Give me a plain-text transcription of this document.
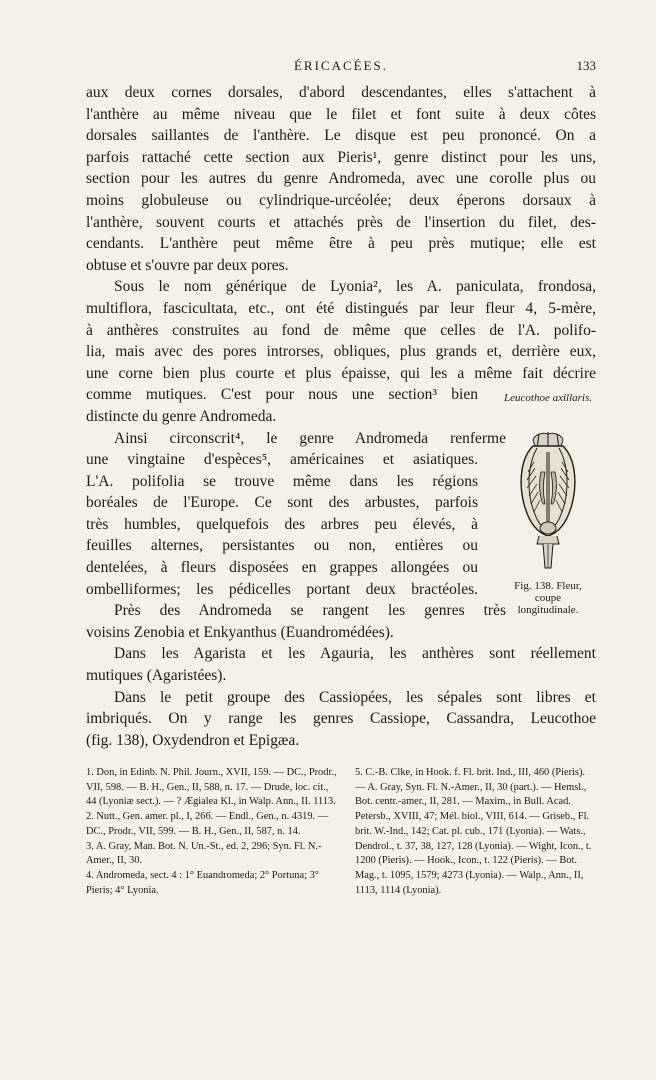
ÉRICACÉES.	133
aux deux cornes dorsales, d'abord descendantes, elles s'attachent à
l'anthère au même niveau que le filet et font suite à deux côtes
dorsales saillantes de l'anthère. Le disque est peu prononcé. On a
parfois rattaché cette section aux Pieris¹, genre distinct pour les uns,
section pour les autres du genre Andromeda, avec une corolle plus ou
moins globuleuse ou cylindrique-urcéolée; deux éperons dorsaux à
l'anthère, souvent courts et attachés près de l'insertion du filet, des-
cendants. L'anthère peut même être à peu près mutique; elle est
obtuse et s'ouvre par deux pores.
Sous le nom générique de Lyonia², les A. paniculata, frondosa,
multiflora, fascicultata, etc., ont été distingués par leur fleur 4, 5-mère,
à anthères construites au fond de même que celles de l'A. polifo-
lia, mais avec des pores introrses, obliques, plus grands et, derrière eux,
une corne bien plus courte et plus épaisse, qui les a même fait décrire
comme mutiques. C'est pour nous une section³ bien
distincte du genre Andromeda.
Ainsi circonscrit⁴, le genre Andromeda renferme
une vingtaine d'espèces⁵, américaines et asiatiques.
L'A. polifolia se trouve même dans les régions
boréales de l'Europe. Ce sont des arbustes, parfois
très humbles, quelquefois des arbres peu élevés, à
feuilles alternes, persistantes ou non, entières ou
dentelées, à fleurs disposées en grappes allongées ou
ombelliformes; les pédicelles portant deux bractéoles.
Près des Andromeda se rangent les genres très
voisins Zenobia et Enkyanthus (Euandromédées).
Dans les Agarista et les Agauria, les anthères sont réellement
mutiques (Agaristées).
Dans le petit groupe des Cassiopées, les sépales sont libres et
imbriqués. On y range les genres Cassiope, Cassandra, Leucothoe
(fig. 138), Oxydendron et Epigæa.
Leucothoe axillaris.
Fig. 138. Fleur,
coupe
longitudinale.

1. Don, in Edinb. N. Phil. Journ., XVII, 159. — DC., Prodr., VII, 598. — B. H., Gen., II, 588, n. 17. — Drude, loc. cit., 44 (Lyoniæ sect.). — ? Ægialea Kl., in Walp. Ann., II. 1113.

2. Nutt., Gen. amer. pl., I, 266. — Endl., Gen., n. 4319. — DC., Prodr., VII, 599. — B. H., Gen., II, 587, n. 14.

3. A. Gray, Man. Bot. N. Un.-St., ed. 2, 296; Syn. Fl. N.-Amer., II, 30.

4. Andromeda, sect. 4 : 1° Euandromeda; 2° Portuna; 3° Pieris; 4° Lyonia.

5. C.-B. Clke, in Hook. f. Fl. brit. Ind., III, 460 (Pieris). — A. Gray, Syn. Fl. N.-Amer., II, 30 (part.). — Hemsl., Bot. centr.-amer., II, 281. — Maxim., in Bull. Acad. Petersb., XVIII, 47; Mél. biol., VIII, 614. — Griseb., Fl. brit. W.-Ind., 142; Cat. pl. cub., 171 (Lyonia). — Wats., Dendrol., t. 37, 38, 127, 128 (Lyonia). — Wight, Icon., t. 1200 (Pieris). — Hook., Icon., t. 122 (Pieris). — Bot. Mag., t. 1095, 1579; 4273 (Lyonia). — Walp., Ann., II, 1113, 1114 (Lyonia).
